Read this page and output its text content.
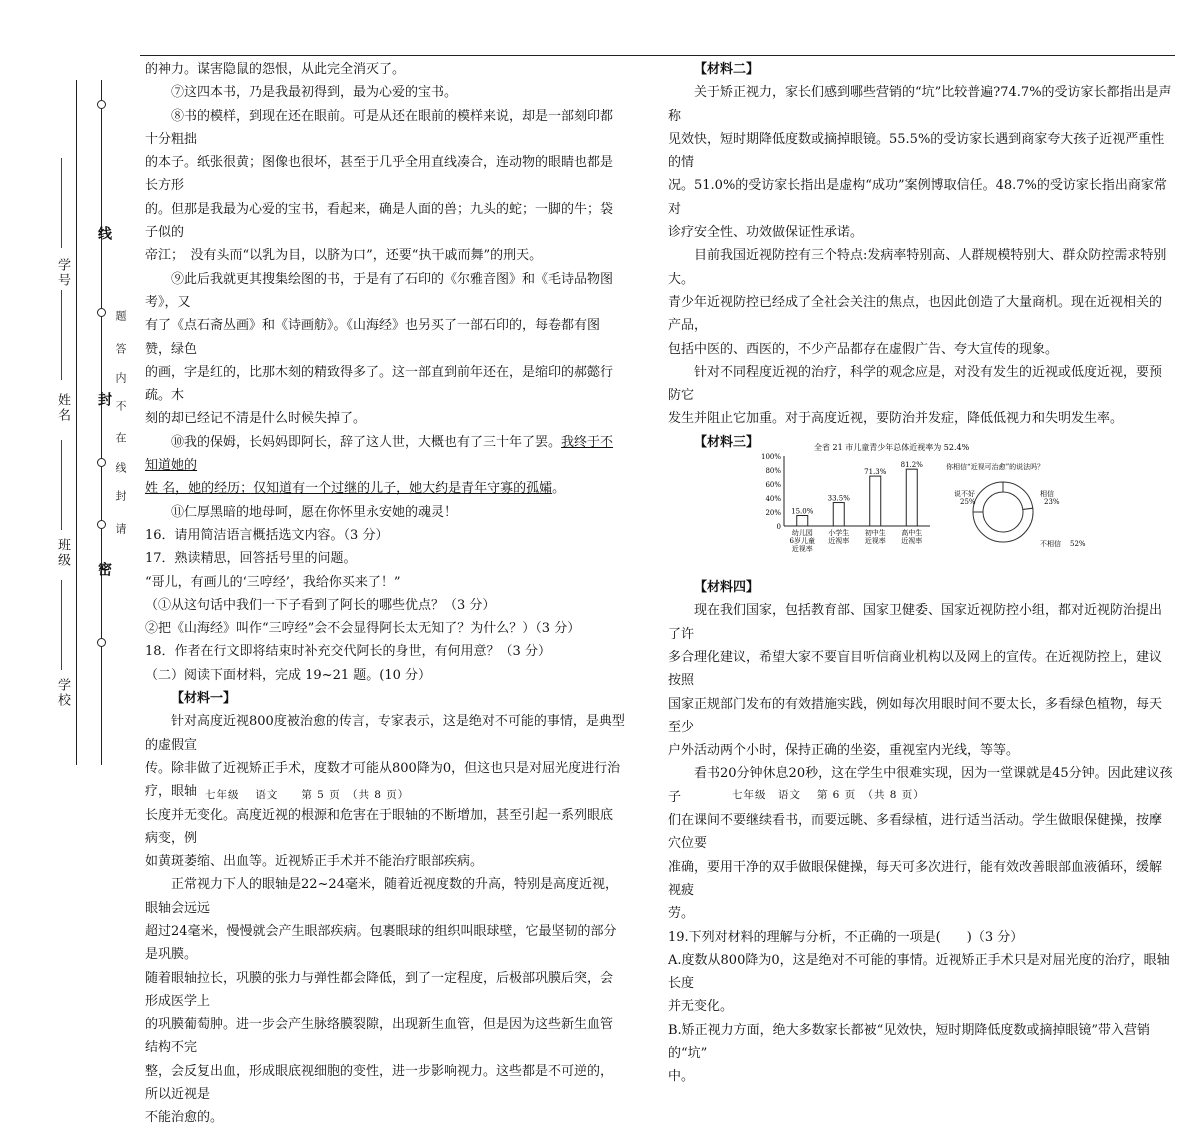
学号
姓名
班级
学校
线
封
密
题
答
内
不
在
线
封
请

的神力。谋害隐鼠的怨恨，从此完全消灭了。

⑦这四本书，乃是我最初得到，最为心爱的宝书。

⑧书的模样，到现在还在眼前。可是从还在眼前的模样来说，却是一部刻印都十分粗拙

的本子。纸张很黄；图像也很坏，甚至于几乎全用直线凑合，连动物的眼睛也都是长方形

的。但那是我最为心爱的宝书，看起来，确是人面的兽；九头的蛇；一脚的牛；袋子似的

帝江；　没有头而“以乳为目，以脐为口”，还要“执干戚而舞”的刑天。

⑨此后我就更其搜集绘图的书，于是有了石印的《尔雅音图》和《毛诗品物图考》，又

有了《点石斋丛画》和《诗画舫》。《山海经》也另买了一部石印的，每卷都有图赞，绿色

的画，字是红的，比那木刻的精致得多了。这一部直到前年还在，是缩印的郝懿行疏。木

刻的却已经记不清是什么时候失掉了。

⑩我的保姆，长妈妈即阿长，辞了这人世，大概也有了三十年了罢。我终于不知道她的

姓 名，她的经历；仅知道有一个过继的儿子，她大约是青年守寡的孤孀。

⑪仁厚黑暗的地母呵，愿在你怀里永安她的魂灵！

16．请用简洁语言概括选文内容。（3 分）

17．熟读精思，回答括号里的问题。

“哥儿，有画儿的‘三哼经’，我给你买来了！”

（①从这句话中我们一下子看到了阿长的哪些优点？（3 分）

②把《山海经》叫作“三哼经”会不会显得阿长太无知了？为什么？）（3 分）

18．作者在行文即将结束时补充交代阿长的身世，有何用意？（3 分）

（二）阅读下面材料，完成 19~21 题。(10 分）

【材料一】

针对高度近视800度被治愈的传言，专家表示，这是绝对不可能的事情，是典型的虚假宣

传。除非做了近视矫正手术，度数才可能从800降为0，但这也只是对屈光度进行治疗，眼轴

长度并无变化。高度近视的根源和危害在于眼轴的不断增加，甚至引起一系列眼底病变，例

如黄斑萎缩、出血等。近视矫正手术并不能治疗眼部疾病。

正常视力下人的眼轴是22~24毫米，随着近视度数的升高，特别是高度近视，眼轴会远远

超过24毫米，慢慢就会产生眼部疾病。包裹眼球的组织叫眼球壁，它最坚韧的部分是巩膜。

随着眼轴拉长，巩膜的张力与弹性都会降低，到了一定程度，后极部巩膜后突，会形成医学上

的巩膜葡萄肿。进一步会产生脉络膜裂隙，出现新生血管，但是因为这些新生血管结构不完

整，会反复出血，形成眼底视细胞的变性，进一步影响视力。这些都是不可逆的，所以近视是

不能治愈的。

七年级　 语文　　第 5 页　（共 8 页）

【材料二】

关于矫正视力，家长们感到哪些营销的“坑”比较普遍?74.7%的受访家长都指出是声称

见效快，短时期降低度数或摘掉眼镜。55.5%的受访家长遇到商家夸大孩子近视严重性的情

况。51.0%的受访家长指出是虚构“成功”案例博取信任。48.7%的受访家长指出商家常对

诊疗安全性、功效做保证性承诺。

目前我国近视防控有三个特点:发病率特别高、人群规模特别大、群众防控需求特别大。

青少年近视防控已经成了全社会关注的焦点，也因此创造了大量商机。现在近视相关的产品，

包括中医的、西医的，不少产品都存在虚假广告、夸大宣传的现象。

针对不同程度近视的治疗，科学的观念应是，对没有发生的近视或低度近视，要预防它

发生并阻止它加重。对于高度近视，要防治并发症，降低低视力和失明发生率。

【材料三】	全省 21 市儿童青少年总体近视率为 52.4%
100%
80%
60%
40%
20%
0
15.0%
幼儿园
6岁儿童
近视率
33.5%
小学生
近视率
71.3%
初中生
近视率
81.2%
高中生
近视率
你相信“近视可治愈”的说法吗？
说不好
25%
相信
23%
不相信 52%

【材料四】

现在我们国家，包括教育部、国家卫健委、国家近视防控小组，都对近视防治提出了许

多合理化建议，希望大家不要盲目听信商业机构以及网上的宣传。在近视防控上，建议按照

国家正规部门发布的有效措施实践，例如每次用眼时间不要太长，多看绿色植物，每天至少

户外活动两个小时，保持正确的坐姿，重视室内光线，等等。

看书20分钟休息20秒，这在学生中很难实现，因为一堂课就是45分钟。因此建议孩子

们在课间不要继续看书，而要远眺、多看绿植，进行适当活动。学生做眼保健操，按摩穴位要

准确，要用干净的双手做眼保健操，每天可多次进行，能有效改善眼部血液循环，缓解视疲

劳。

19.下列对材料的理解与分析，不正确的一项是(　　)（3 分）

A.度数从800降为0，这是绝对不可能的事情。近视矫正手术只是对屈光度的治疗，眼轴长度

并无变化。

B.矫正视力方面，绝大多数家长都被“见效快，短时期降低度数或摘掉眼镜”带入营销的“坑”

中。

七年级　语文　 第 6 页　（共 8 页）
